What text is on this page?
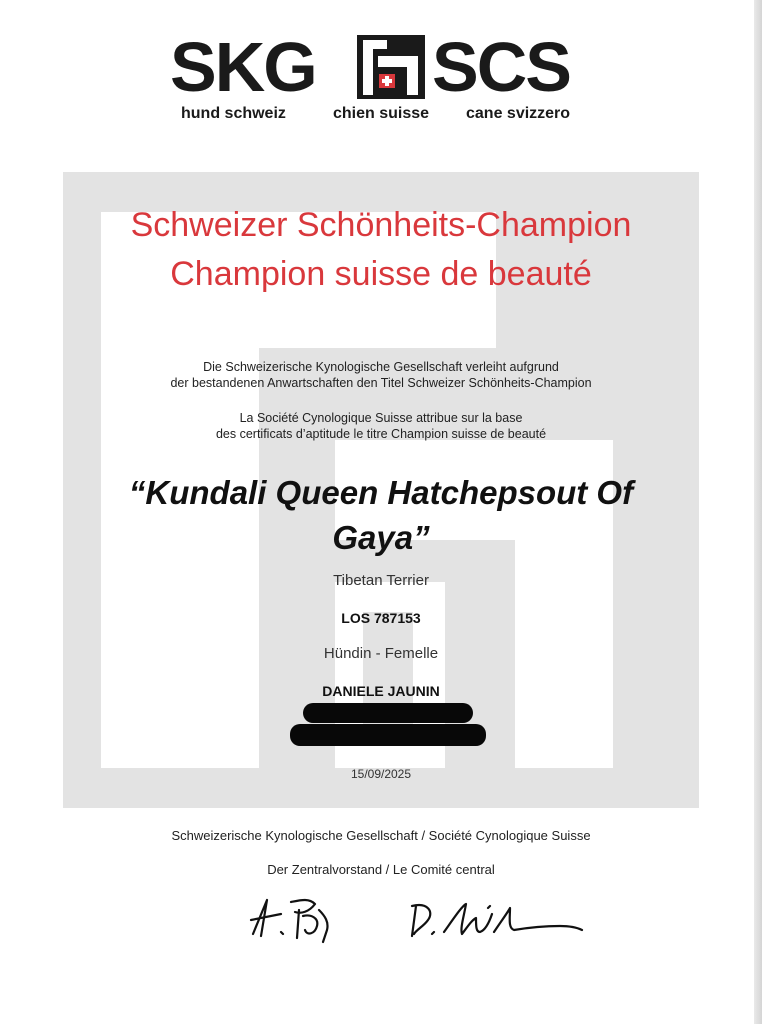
SKG SCS
hund schweiz	chien suisse cane svizzero
Schweizer Schönheits-Champion
Champion suisse de beauté
Die Schweizerische Kynologische Gesellschaft verleiht aufgrund
der bestandenen Anwartschaften den Titel Schweizer Schönheits-Champion
La Société Cynologique Suisse attribue sur la base
des certificats d’aptitude le titre Champion suisse de beauté
“Kundali Queen Hatchepsout Of
Gaya”
Tibetan Terrier
LOS 787153
Hündin - Femelle
DANIELE JAUNIN
15/09/2025
Schweizerische Kynologische Gesellschaft / Société Cynologique Suisse
Der Zentralvorstand / Le Comité central
